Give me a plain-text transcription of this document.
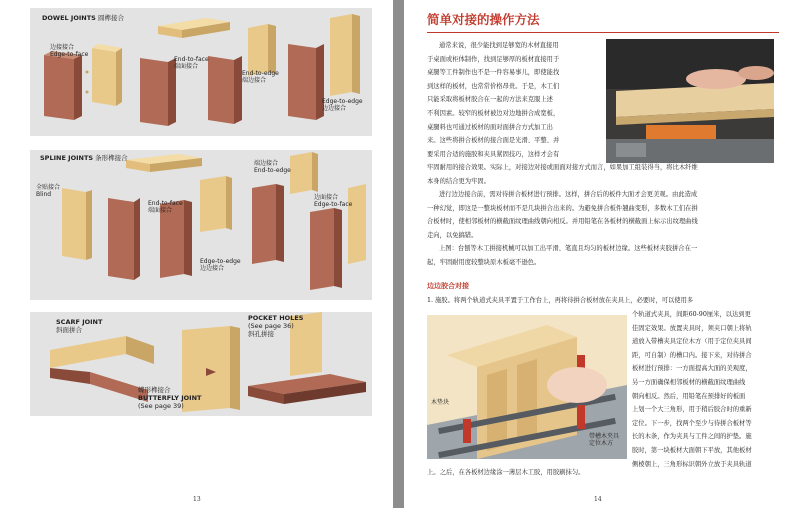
DOWEL JOINTS 圆榫接合
边接接合
Edge-to-face
End-to-face
端面接合
End-to-edge
端边接合
Edge-to-edge
边边接合
SPLINE JOINTS 条形榫接合
全贴接合
Blind
End-to-face
端面接合
端边接合
End-to-edge
边面接合
Edge-to-face
Edge-to-edge
边边接合
SCARF JOINT
斜面拼合
POCKET HOLES
(See page 36)
斜孔拼接
蝶形榫接合
BUTTERFLY JOINT
(See page 39)
13
简单对接的操作方法
通常来说，很少能找到足够宽的木材直接用
于桌面或柜体制作，找到足够厚的板材直接用于
桌腿等工件制作也不是一件容易事儿，即使能找
到这样的板材，也常常价格昂贵。于是，木工们
只能采取将板材胶合在一起的方法来克服上述
不利因素。较窄的板材被边对边地拼合成宽板，
桌腿料也可通过板材的面对面拼合方式加工出
来。这些将拼合板材的接合面是光滑、平整、并
要采用合适的施胶和夹具紧固技巧，这样才会有
牢固耐用的接合效果。实际上，对接边对接或面面对接方式而言，如果加工组装得当，将比木纤维
本身的结合更为牢固。
进行边边接合前，需对待拼合板材进行预排。这样，拼合后的板件大面才会更美观。由此造成
一种幻觉，即这是一整块板材而不是几块拼合出来的。为避免拼合板件翘曲变形，多数木工们在拼
合板材时，使相邻板材的横截面纹理曲线朝向相反。并用铅笔在各板材的横截面上标示出纹理曲线
走向，以免搞错。
上图：台刨等木工拼接机械可以加工出平滑、笔直且均匀的板材边缘。这些板材夹胶拼合在一
起，牢固耐用度较整块原木板毫不逊色。
边边胶合对接
1. 施胶。将两个轨道式夹具平置于工作台上，再将待拼合板材放在夹具上，必要时，可以使用多
木垫块
带槽木夹具定位木方
个轨道式夹具，间距60-90厘米，以达到更
佳固定效果。放置夹具时，须夹口朝上将轨
道放入带槽夹具定位木方（用于定位夹具间
距，可自制）的槽口内。接下来，对待拼合
板材进行预排：一方面提高大面的美观度，
另一方面确保相邻板材的横截面纹理曲线
朝向相反。然后，用铅笔在预排好的板面
上划一个大三角形，用于稍后胶合时的重新
定位。下一步，找两个至少与待拼合板材等
长的木条，作为夹具与工件之间的护垫。施
胶时，第一块板材大面朝下平放，其他板材
侧棱朝上，三角形标识朝外立放于夹具轨道
上。之后，在各板材边缘涂一薄层木工胶，用胶刷抹匀。
14
